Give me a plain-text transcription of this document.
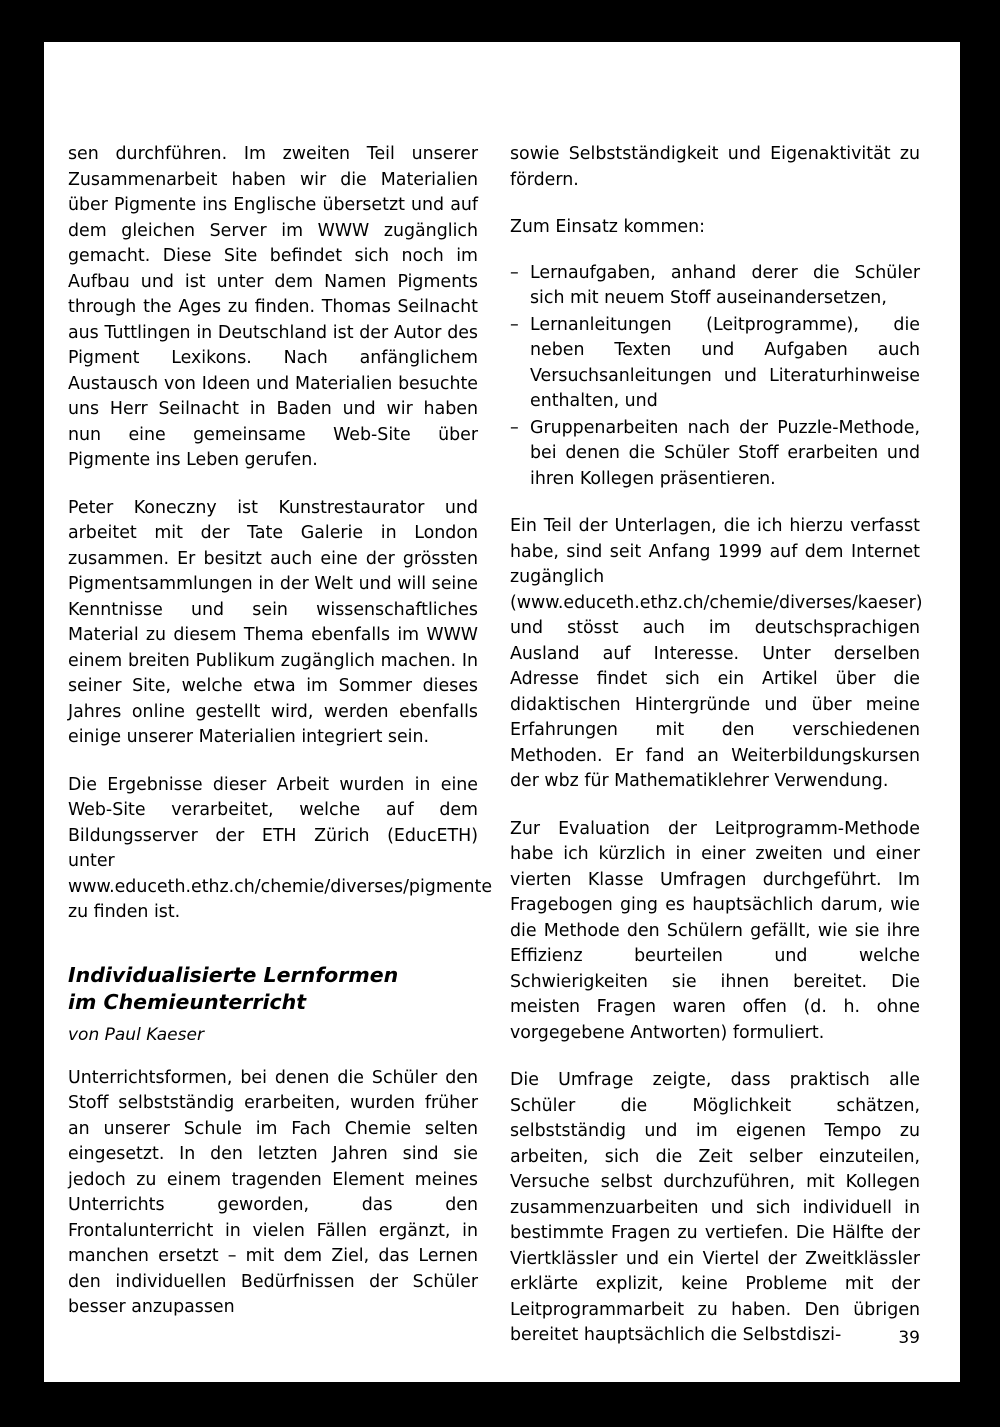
sen durchführen. Im zweiten Teil unserer Zusammenarbeit haben wir die Materialien über Pigmente ins Englische übersetzt und auf dem gleichen Server im WWW zugänglich gemacht. Diese Site befindet sich noch im Aufbau und ist unter dem Namen Pigments through the Ages zu finden. Thomas Seilnacht aus Tuttlingen in Deutschland ist der Autor des Pigment Lexikons. Nach anfänglichem Austausch von Ideen und Materialien besuchte uns Herr Seilnacht in Baden und wir haben nun eine gemeinsame Web-Site über Pigmente ins Leben gerufen.

Peter Koneczny ist Kunstrestaurator und arbeitet mit der Tate Galerie in London zusammen. Er besitzt auch eine der grössten Pigmentsammlungen in der Welt und will seine Kenntnisse und sein wissenschaftliches Material zu diesem Thema ebenfalls im WWW einem breiten Publikum zugänglich machen. In seiner Site, welche etwa im Sommer dieses Jahres online gestellt wird, werden ebenfalls einige unserer Materialien integriert sein.

Die Ergebnisse dieser Arbeit wurden in eine Web-Site verarbeitet, welche auf dem Bildungsserver der ETH Zürich (EducETH) unter www.educeth.ethz.ch/chemie/diverses/pigmente zu finden ist.

Individualisierte Lernformen
im Chemieunterricht
von Paul Kaeser

Unterrichtsformen, bei denen die Schüler den Stoff selbstständig erarbeiten, wurden früher an unserer Schule im Fach Chemie selten eingesetzt. In den letzten Jahren sind sie jedoch zu einem tragenden Element meines Unterrichts geworden, das den Frontalunterricht in vielen Fällen ergänzt, in manchen ersetzt – mit dem Ziel, das Lernen den individuellen Bedürfnissen der Schüler besser anzupassen

sowie Selbstständigkeit und Eigenaktivität zu fördern.

Zum Einsatz kommen:

– Lernaufgaben, anhand derer die Schüler sich mit neuem Stoff auseinandersetzen,
– Lernanleitungen (Leitprogramme), die neben Texten und Aufgaben auch Versuchsanleitungen und Literaturhinweise enthalten, und
– Gruppenarbeiten nach der Puzzle-Methode, bei denen die Schüler Stoff erarbeiten und ihren Kollegen präsentieren.

Ein Teil der Unterlagen, die ich hierzu verfasst habe, sind seit Anfang 1999 auf dem Internet zugänglich (www.educeth.ethz.ch/chemie/diverses/kaeser) und stösst auch im deutschsprachigen Ausland auf Interesse. Unter derselben Adresse findet sich ein Artikel über die didaktischen Hintergründe und über meine Erfahrungen mit den verschiedenen Methoden. Er fand an Weiterbildungskursen der wbz für Mathematiklehrer Verwendung.

Zur Evaluation der Leitprogramm-Methode habe ich kürzlich in einer zweiten und einer vierten Klasse Umfragen durchgeführt. Im Fragebogen ging es hauptsächlich darum, wie die Methode den Schülern gefällt, wie sie ihre Effizienz beurteilen und welche Schwierigkeiten sie ihnen bereitet. Die meisten Fragen waren offen (d. h. ohne vorgegebene Antworten) formuliert.

Die Umfrage zeigte, dass praktisch alle Schüler die Möglichkeit schätzen, selbstständig und im eigenen Tempo zu arbeiten, sich die Zeit selber einzuteilen, Versuche selbst durchzuführen, mit Kollegen zusammenzuarbeiten und sich individuell in bestimmte Fragen zu vertiefen. Die Hälfte der Viertklässler und ein Viertel der Zweitklässler erklärte explizit, keine Probleme mit der Leitprogrammarbeit zu haben. Den übrigen bereitet hauptsächlich die Selbstdiszi-	39
